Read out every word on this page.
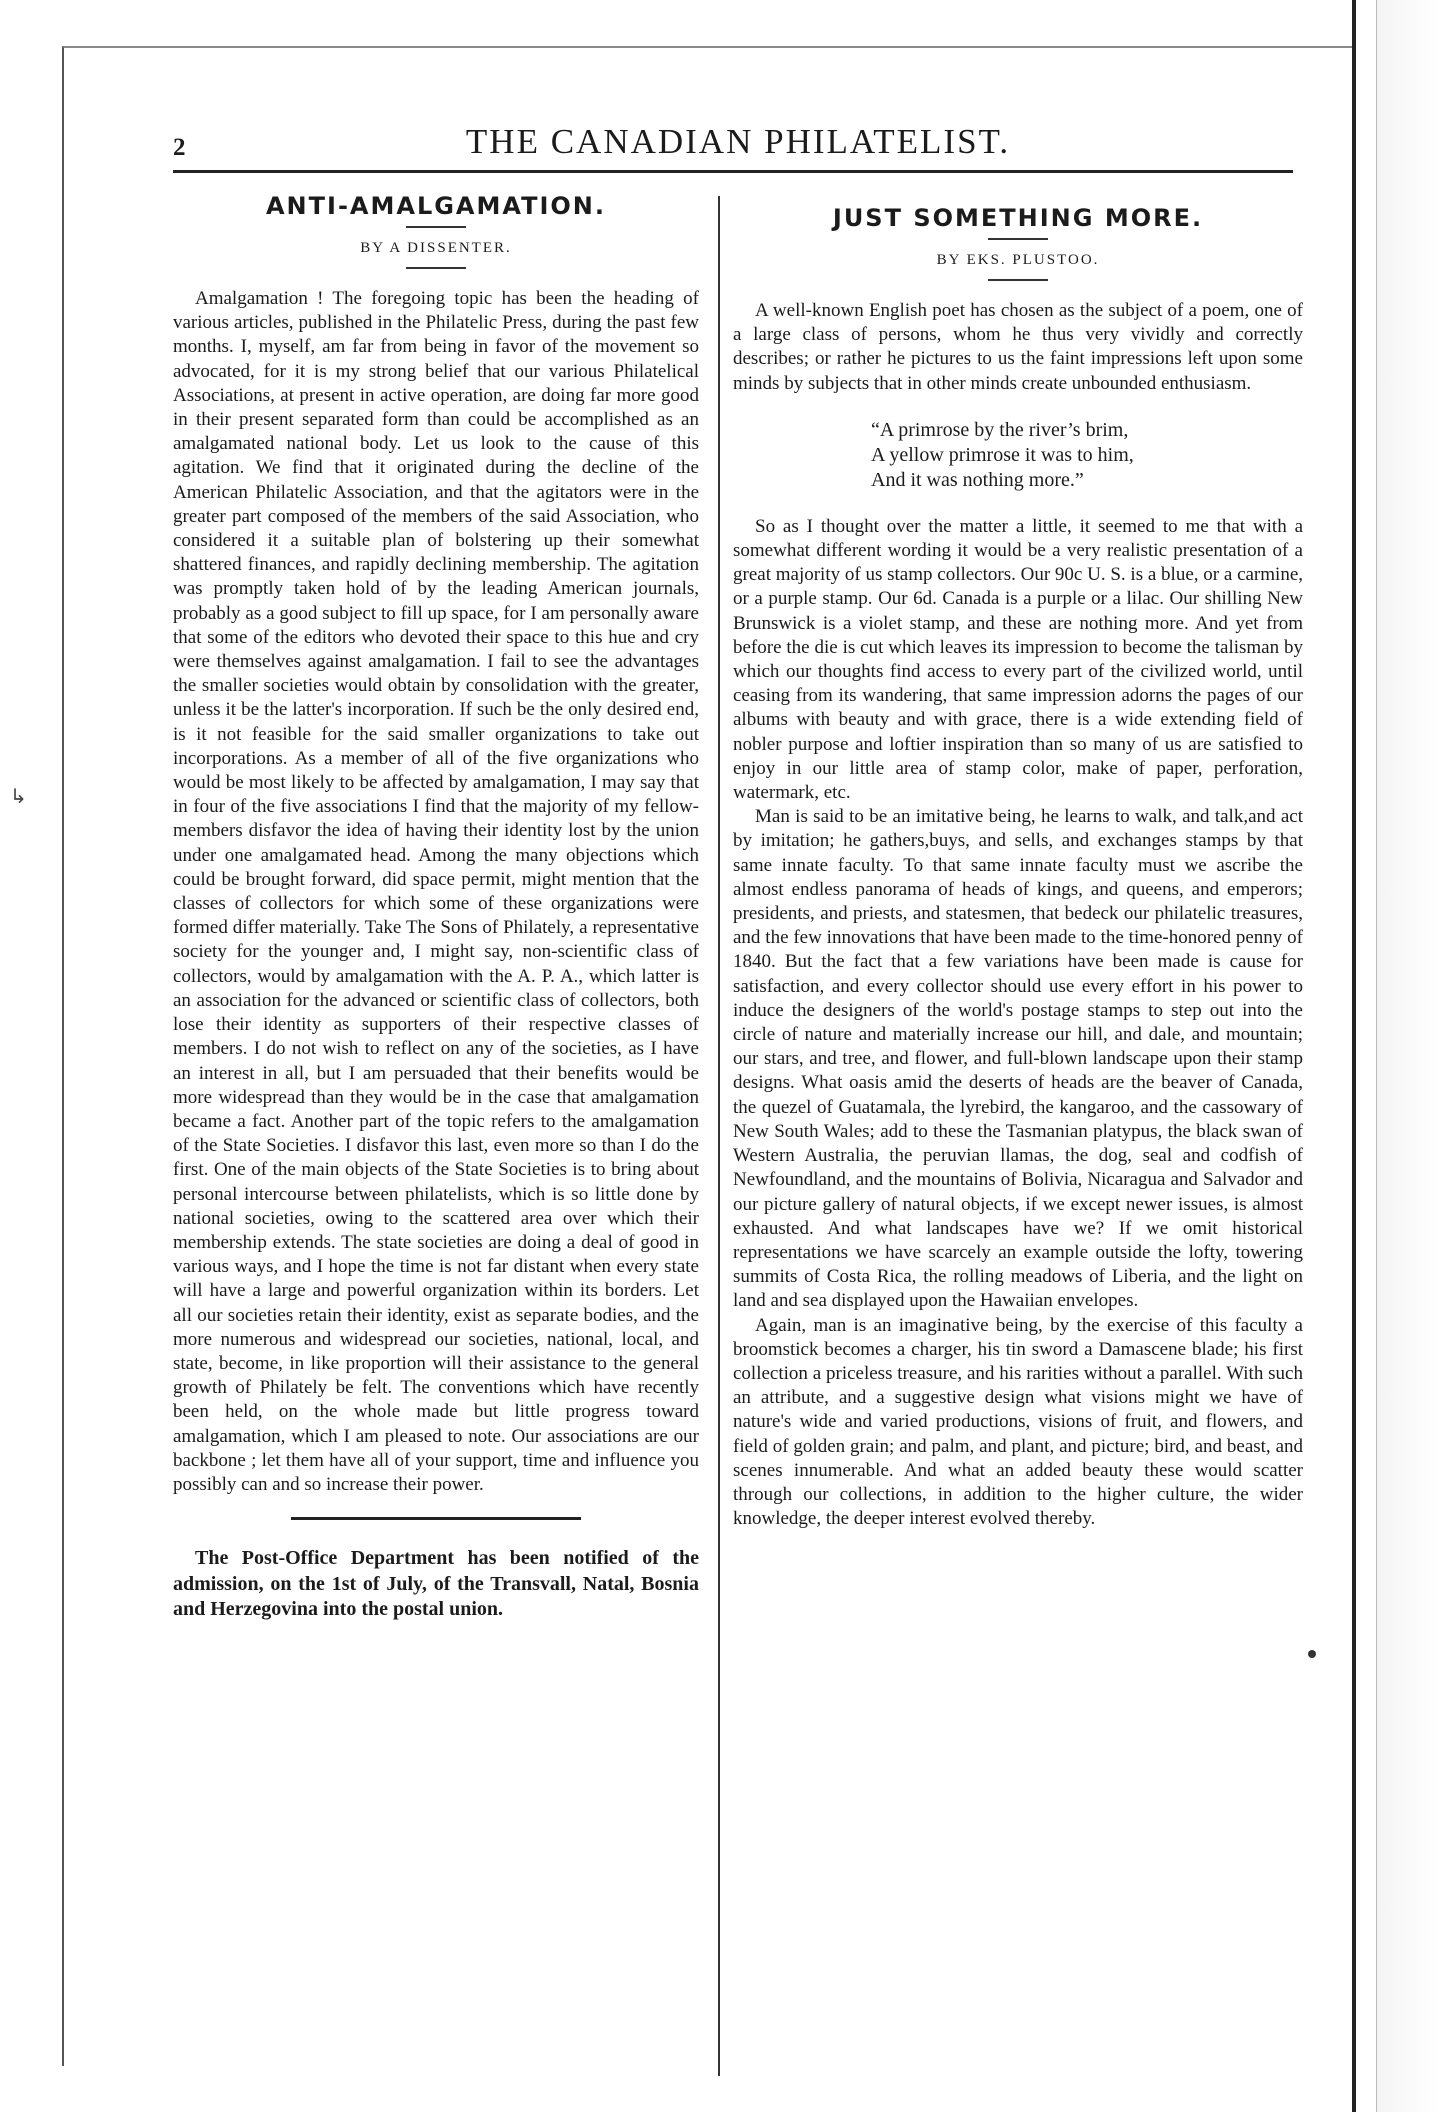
↳
2	THE CANADIAN PHILATELIST.
ANTI-AMALGAMATION.
BY A DISSENTER.

Amalgamation ! The foregoing topic has been the heading of various articles, published in the Philatelic Press, during the past few months. I, myself, am far from being in favor of the movement so advocated, for it is my strong belief that our various Philatelical Associations, at present in active operation, are doing far more good in their present separated form than could be accomplished as an amalgamated national body. Let us look to the cause of this agitation. We find that it originated during the decline of the American Philatelic Association, and that the agitators were in the greater part composed of the members of the said Association, who considered it a suitable plan of bolstering up their somewhat shattered finances, and rapidly declining membership. The agitation was promptly taken hold of by the leading American journals, probably as a good subject to fill up space, for I am personally aware that some of the editors who devoted their space to this hue and cry were themselves against amalgamation. I fail to see the advantages the smaller societies would obtain by consolidation with the greater, unless it be the latter's incorporation. If such be the only desired end, is it not feasible for the said smaller organizations to take out incorporations. As a member of all of the five organizations who would be most likely to be affected by amalgamation, I may say that in four of the five associations I find that the majority of my fellow-members disfavor the idea of having their identity lost by the union under one amalgamated head. Among the many objections which could be brought forward, did space permit, might mention that the classes of collectors for which some of these organizations were formed differ materially. Take The Sons of Philately, a representative society for the younger and, I might say, non-scientific class of collectors, would by amalgamation with the A. P. A., which latter is an association for the advanced or scientific class of collectors, both lose their identity as supporters of their respective classes of members. I do not wish to reflect on any of the societies, as I have an interest in all, but I am persuaded that their benefits would be more widespread than they would be in the case that amalgamation became a fact. Another part of the topic refers to the amalgamation of the State Societies. I disfavor this last, even more so than I do the first. One of the main objects of the State Societies is to bring about personal intercourse between philatelists, which is so little done by national societies, owing to the scattered area over which their membership extends. The state societies are doing a deal of good in various ways, and I hope the time is not far distant when every state will have a large and powerful organization within its borders. Let all our societies retain their identity, exist as separate bodies, and the more numerous and widespread our societies, national, local, and state, become, in like proportion will their assistance to the general growth of Philately be felt. The conventions which have recently been held, on the whole made but little progress toward amalgamation, which I am pleased to note. Our associations are our backbone ; let them have all of your support, time and influence you possibly can and so increase their power.

The Post-Office Department has been notified of the admission, on the 1st of July, of the Transvall, Natal, Bosnia and Herzegovina into the postal union.

JUST SOMETHING MORE.
BY EKS. PLUSTOO.

A well-known English poet has chosen as the subject of a poem, one of a large class of persons, whom he thus very vividly and correctly describes; or rather he pictures to us the faint impressions left upon some minds by subjects that in other minds create unbounded enthusiasm.

“A primrose by the river’s brim,
A yellow primrose it was to him,
And it was nothing more.”

So as I thought over the matter a little, it seemed to me that with a somewhat different wording it would be a very realistic presentation of a great majority of us stamp collectors. Our 90c U. S. is a blue, or a carmine, or a purple stamp. Our 6d. Canada is a purple or a lilac. Our shilling New Brunswick is a violet stamp, and these are nothing more. And yet from before the die is cut which leaves its impression to become the talisman by which our thoughts find access to every part of the civilized world, until ceasing from its wandering, that same impression adorns the pages of our albums with beauty and with grace, there is a wide extending field of nobler purpose and loftier inspiration than so many of us are satisfied to enjoy in our little area of stamp color, make of paper, perforation, watermark, etc.

Man is said to be an imitative being, he learns to walk, and talk,and act by imitation; he gathers,buys, and sells, and exchanges stamps by that same innate faculty. To that same innate faculty must we ascribe the almost endless panorama of heads of kings, and queens, and emperors; presidents, and priests, and statesmen, that bedeck our philatelic treasures, and the few innovations that have been made to the time-honored penny of 1840. But the fact that a few variations have been made is cause for satisfaction, and every collector should use every effort in his power to induce the designers of the world's postage stamps to step out into the circle of nature and materially increase our hill, and dale, and mountain; our stars, and tree, and flower, and full-blown landscape upon their stamp designs. What oasis amid the deserts of heads are the beaver of Canada, the quezel of Guatamala, the lyrebird, the kangaroo, and the cassowary of New South Wales; add to these the Tasmanian platypus, the black swan of Western Australia, the peruvian llamas, the dog, seal and codfish of Newfoundland, and the mountains of Bolivia, Nicaragua and Salvador and our picture gallery of natural objects, if we except newer issues, is almost exhausted. And what landscapes have we? If we omit historical representations we have scarcely an example outside the lofty, towering summits of Costa Rica, the rolling meadows of Liberia, and the light on land and sea displayed upon the Hawaiian envelopes.

Again, man is an imaginative being, by the exercise of this faculty a broomstick becomes a charger, his tin sword a Damascene blade; his first collection a priceless treasure, and his rarities without a parallel. With such an attribute, and a suggestive design what visions might we have of nature's wide and varied productions, visions of fruit, and flowers, and field of golden grain; and palm, and plant, and picture; bird, and beast, and scenes innumerable. And what an added beauty these would scatter through our collections, in addition to the higher culture, the wider knowledge, the deeper interest evolved thereby.
